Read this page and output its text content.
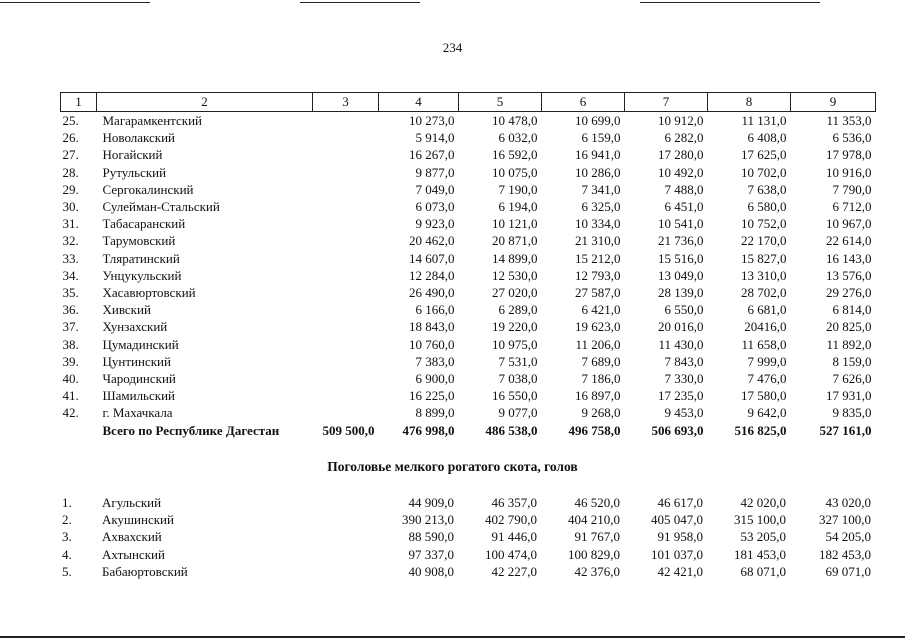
234
1	2	3	4	5	6	7	8	9
25.	Магарамкентский		10 273,0	10 478,0	10 699,0	10 912,0	11 131,0	11 353,0
26.	Новолакский		5 914,0	6 032,0	6 159,0	6 282,0	6 408,0	6 536,0
27.	Ногайский		16 267,0	16 592,0	16 941,0	17 280,0	17 625,0	17 978,0
28.	Рутульский		9 877,0	10 075,0	10 286,0	10 492,0	10 702,0	10 916,0
29.	Сергокалинский		7 049,0	7 190,0	7 341,0	7 488,0	7 638,0	7 790,0
30.	Сулейман-Стальский		6 073,0	6 194,0	6 325,0	6 451,0	6 580,0	6 712,0
31.	Табасаранский		9 923,0	10 121,0	10 334,0	10 541,0	10 752,0	10 967,0
32.	Тарумовский		20 462,0	20 871,0	21 310,0	21 736,0	22 170,0	22 614,0
33.	Тляратинский		14 607,0	14 899,0	15 212,0	15 516,0	15 827,0	16 143,0
34.	Унцукульский		12 284,0	12 530,0	12 793,0	13 049,0	13 310,0	13 576,0
35.	Хасавюртовский		26 490,0	27 020,0	27 587,0	28 139,0	28 702,0	29 276,0
36.	Хивский		6 166,0	6 289,0	6 421,0	6 550,0	6 681,0	6 814,0
37.	Хунзахский		18 843,0	19 220,0	19 623,0	20 016,0	20416,0	20 825,0
38.	Цумадинский		10 760,0	10 975,0	11 206,0	11 430,0	11 658,0	11 892,0
39.	Цунтинский		7 383,0	7 531,0	7 689,0	7 843,0	7 999,0	8 159,0
40.	Чародинский		6 900,0	7 038,0	7 186,0	7 330,0	7 476,0	7 626,0
41.	Шамильский		16 225,0	16 550,0	16 897,0	17 235,0	17 580,0	17 931,0
42.	г. Махачкала		8 899,0	9 077,0	9 268,0	9 453,0	9 642,0	9 835,0
	Всего по Республике Дагестан	509 500,0	476 998,0	486 538,0	496 758,0	506 693,0	516 825,0	527 161,0
Поголовье мелкого рогатого скота, голов
1.	Агульский		44 909,0	46 357,0	46 520,0	46 617,0	42 020,0	43 020,0
2.	Акушинский		390 213,0	402 790,0	404 210,0	405 047,0	315 100,0	327 100,0
3.	Ахвахский		88 590,0	91 446,0	91 767,0	91 958,0	53 205,0	54 205,0
4.	Ахтынский		97 337,0	100 474,0	100 829,0	101 037,0	181 453,0	182 453,0
5.	Бабаюртовский		40 908,0	42 227,0	42 376,0	42 421,0	68 071,0	69 071,0
